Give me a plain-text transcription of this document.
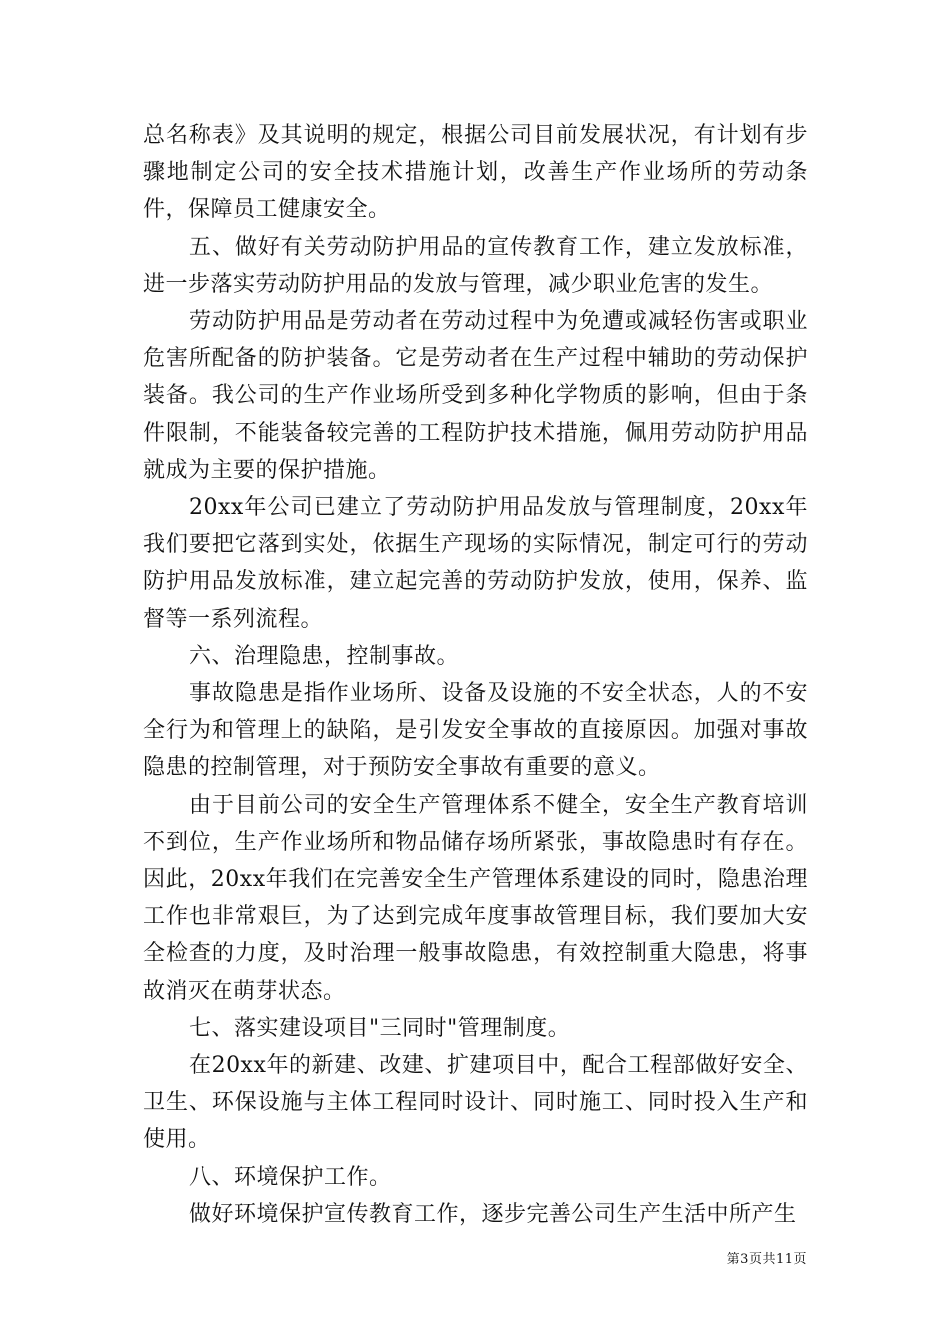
总名称表》及其说明的规定，根据公司目前发展状况，有计划有步骤地制定公司的安全技术措施计划，改善生产作业场所的劳动条件，保障员工健康安全。

五、做好有关劳动防护用品的宣传教育工作，建立发放标准，进一步落实劳动防护用品的发放与管理，减少职业危害的发生。

劳动防护用品是劳动者在劳动过程中为免遭或减轻伤害或职业危害所配备的防护装备。它是劳动者在生产过程中辅助的劳动保护装备。我公司的生产作业场所受到多种化学物质的影响，但由于条件限制，不能装备较完善的工程防护技术措施，佩用劳动防护用品就成为主要的保护措施。

20xx年公司已建立了劳动防护用品发放与管理制度，20xx年我们要把它落到实处，依据生产现场的实际情况，制定可行的劳动防护用品发放标准，建立起完善的劳动防护发放，使用，保养、监督等一系列流程。

六、治理隐患，控制事故。

事故隐患是指作业场所、设备及设施的不安全状态，人的不安全行为和管理上的缺陷，是引发安全事故的直接原因。加强对事故隐患的控制管理，对于预防安全事故有重要的意义。

由于目前公司的安全生产管理体系不健全，安全生产教育培训不到位，生产作业场所和物品储存场所紧张，事故隐患时有存在。因此，20xx年我们在完善安全生产管理体系建设的同时，隐患治理工作也非常艰巨，为了达到完成年度事故管理目标，我们要加大安全检查的力度，及时治理一般事故隐患，有效控制重大隐患，将事故消灭在萌芽状态。

七、落实建设项目"三同时"管理制度。

在20xx年的新建、改建、扩建项目中，配合工程部做好安全、卫生、环保设施与主体工程同时设计、同时施工、同时投入生产和使用。

八、环境保护工作。

做好环境保护宣传教育工作，逐步完善公司生产生活中所产生

第3页共11页
